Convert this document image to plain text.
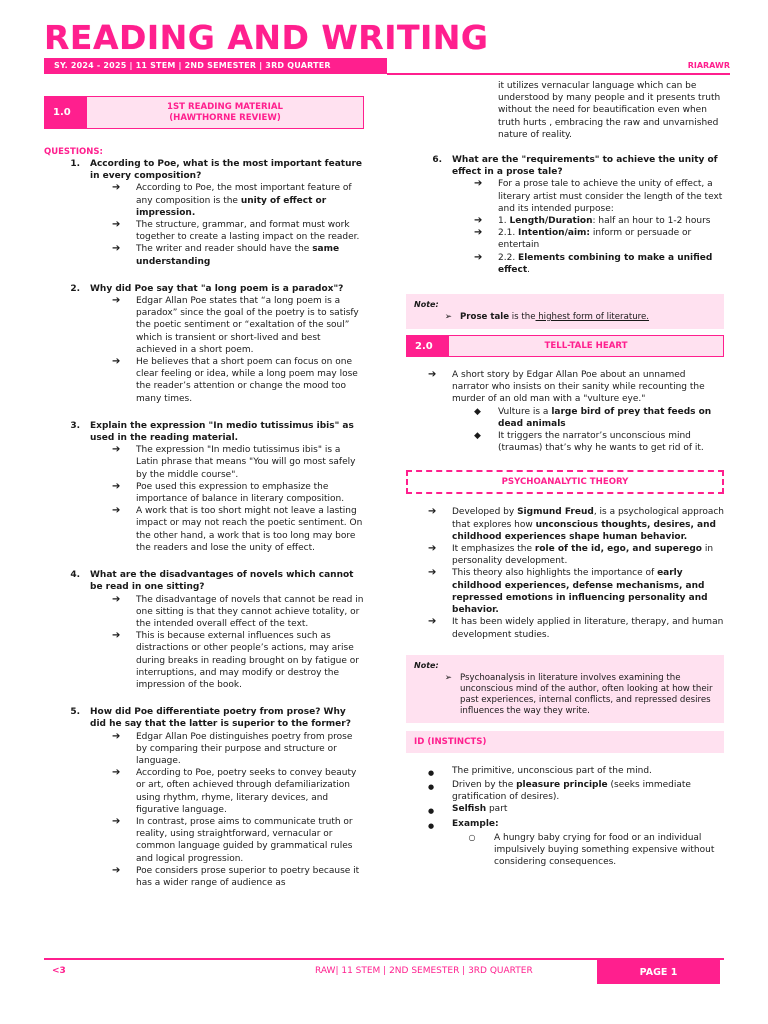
READING AND WRITING
SY. 2024 - 2025 | 11 STEM | 2ND SEMESTER | 3RD QUARTER	RIARAWR
1.0
1ST READING MATERIAL
(HAWTHORNE REVIEW)
QUESTIONS:
1.	According to Poe, what is the most important feature in every composition?
➔	According to Poe, the most important feature of any composition is the unity of effect or impression.
➔	The structure, grammar, and format must work together to create a lasting impact on the reader.
➔	The writer and reader should have the same understanding
2.	Why did Poe say that "a long poem is a paradox"?
➔	Edgar Allan Poe states that “a long poem is a paradox” since the goal of the poetry is to satisfy the poetic sentiment or “exaltation of the soul” which is transient or short-lived and best achieved in a short poem.
➔	He believes that a short poem can focus on one clear feeling or idea, while a long poem may lose the reader’s attention or change the mood too many times.
3.	Explain the expression "In medio tutissimus ibis" as used in the reading material.
➔	The expression "In medio tutissimus ibis" is a Latin phrase that means "You will go most safely by the middle course".
➔	Poe used this expression to emphasize the importance of balance in literary composition.
➔	A work that is too short might not leave a lasting impact or may not reach the poetic sentiment. On the other hand, a work that is too long may bore the readers and lose the unity of effect.
4.	What are the disadvantages of novels which cannot be read in one sitting?
➔	The disadvantage of novels that cannot be read in one sitting is that they cannot achieve totality, or the intended overall effect of the text.
➔	This is because external influences such as distractions or other people’s actions, may arise during breaks in reading brought on by fatigue or interruptions, and may modify or destroy the impression of the book.
5.	How did Poe differentiate poetry from prose? Why did he say that the latter is superior to the former?
➔	Edgar Allan Poe distinguishes poetry from prose by comparing their purpose and structure or language.
➔	According to Poe, poetry seeks to convey beauty or art, often achieved through defamiliarization using rhythm, rhyme, literary devices, and figurative language.
➔	In contrast, prose aims to communicate truth or reality, using straightforward, vernacular or common language guided by grammatical rules and logical progression.
➔	Poe considers prose superior to poetry because it has a wider range of audience as
it utilizes vernacular language which can be understood by many people and it presents truth without the need for beautification even when truth hurts , embracing the raw and unvarnished nature of reality.
6.	What are the "requirements" to achieve the unity of effect in a prose tale?
➔	For a prose tale to achieve the unity of effect, a literary artist must consider the length of the text and its intended purpose:
➔	1. Length/Duration: half an hour to 1-2 hours
➔	2.1. Intention/aim: inform or persuade or entertain
➔	2.2. Elements combining to make a unified effect.
Note:
➢ Prose tale is the highest form of literature.
2.0	TELL-TALE HEART
➔	A short story by Edgar Allan Poe about an unnamed narrator who insists on their sanity while recounting the murder of an old man with a "vulture eye."
◆	Vulture is a large bird of prey that feeds on dead animals
◆	It triggers the narrator’s unconscious mind (traumas) that’s why he wants to get rid of it.
PSYCHOANALYTIC THEORY
➔	Developed by Sigmund Freud, is a psychological approach that explores how unconscious thoughts, desires, and childhood experiences shape human behavior.
➔	It emphasizes the role of the id, ego, and superego in personality development.
➔	This theory also highlights the importance of early childhood experiences, defense mechanisms, and repressed emotions in influencing personality and behavior.
➔	It has been widely applied in literature, therapy, and human development studies.
Note:
➢ Psychoanalysis in literature involves examining the unconscious mind of the author, often looking at how their past experiences, internal conflicts, and repressed desires influences the way they write.
ID (INSTINCTS)
●	The primitive, unconscious part of the mind.
●	Driven by the pleasure principle (seeks immediate gratification of desires).
●	Selfish part
●	Example:
○	A hungry baby crying for food or an individual impulsively buying something expensive without considering consequences.
<3	RAW| 11 STEM | 2ND SEMESTER | 3RD QUARTER	PAGE 1
